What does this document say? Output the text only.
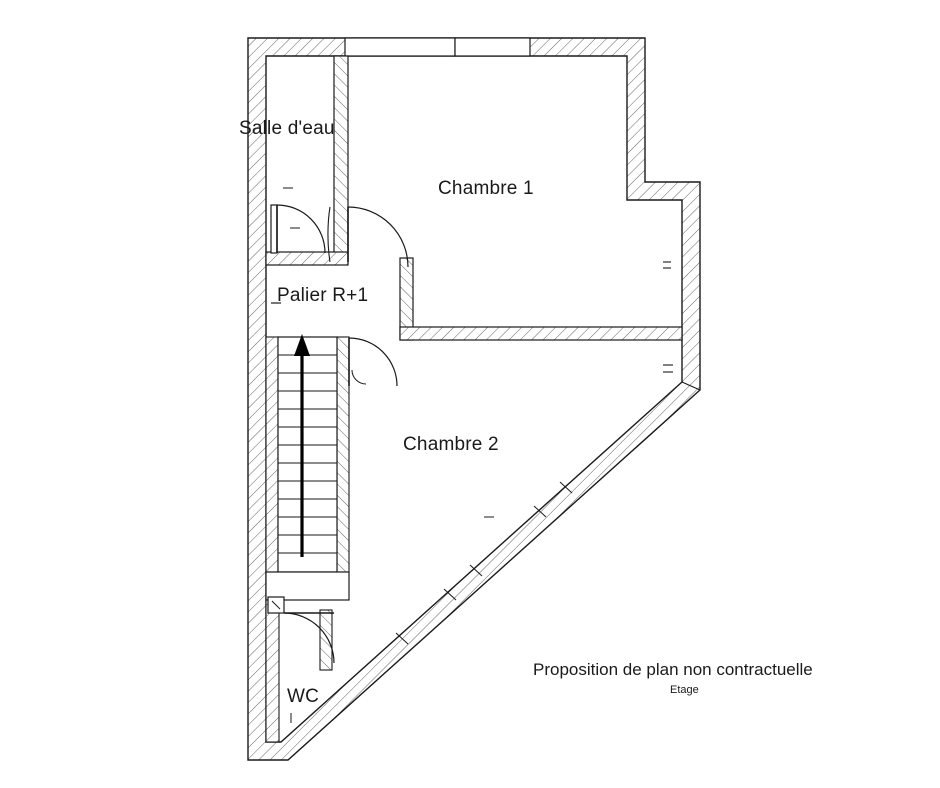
Salle d'eau
Chambre 1
Palier R+1
Chambre 2
WC
Proposition de plan non contractuelle
Etage
